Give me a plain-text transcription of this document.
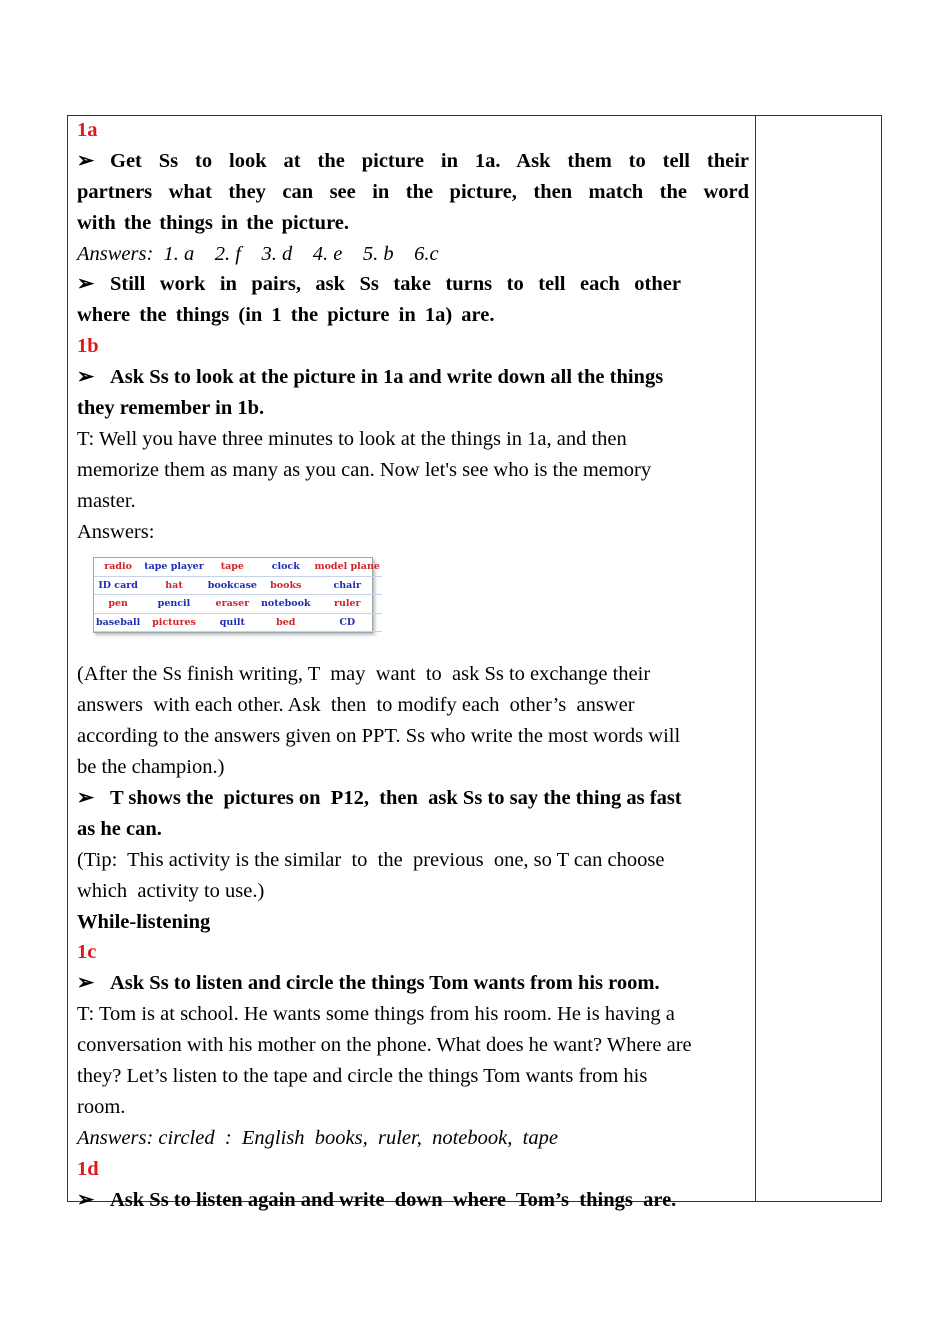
1a
➢ Get Ss to look at the picture in 1a. Ask them to tell their
partners what they can see in the picture, then match the word
with the things in the picture.
Answers:  1. a    2. f    3. d    4. e    5. b    6.c
➢ Still work in pairs, ask Ss take turns to tell each other
where the things (in 1 the picture in 1a) are.
1b
➢ Ask Ss to look at the picture in 1a and write down all the things
they remember in 1b.
T: Well you have three minutes to look at the things in 1a, and then
memorize them as many as you can. Now let's see who is the memory
master.
Answers:
radio	tape player	tape	clock	model plane
ID card	hat	bookcase	books	chair
pen	pencil	eraser	notebook	ruler
baseball	pictures	quilt	bed	CD
(After the Ss finish writing, T  may  want  to  ask Ss to exchange their
answers  with each other. Ask  then  to modify each  other’s  answer
according to the answers given on PPT. Ss who write the most words will
be the champion.)
➢ T shows the  pictures on  P12,  then  ask Ss to say the thing as fast
as he can.
(Tip:  This activity is the similar  to  the  previous  one, so T can choose
which  activity to use.)
While-listening
1c
➢ Ask Ss to listen and circle the things Tom wants from his room.
T: Tom is at school. He wants some things from his room. He is having a
conversation with his mother on the phone. What does he want? Where are
they? Let’s listen to the tape and circle the things Tom wants from his
room.
Answers: circled  :  English  books,  ruler,  notebook,  tape
1d
➢ Ask Ss to listen again and write  down  where  Tom’s  things  are.
